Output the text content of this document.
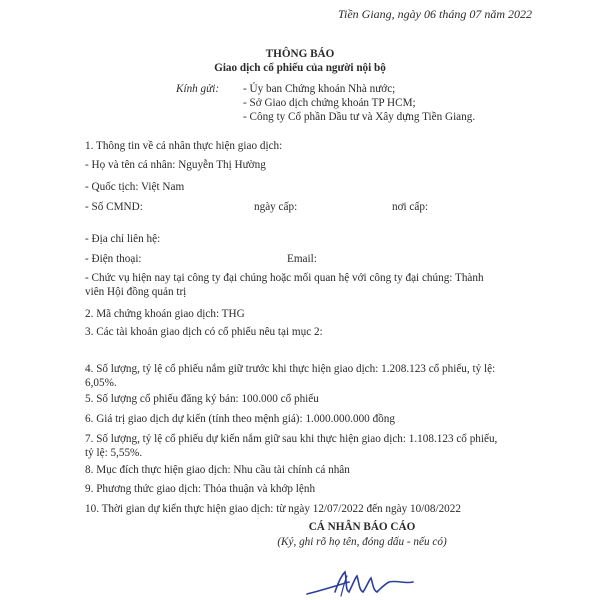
Tiền Giang, ngày 06 tháng 07 năm 2022
THÔNG BÁO
Giao dịch cổ phiếu của người nội bộ
Kính gửi: - Ủy ban Chứng khoán Nhà nước;
- Sở Giao dịch chứng khoán TP HCM;
- Công ty Cổ phần Dầu tư và Xây dựng Tiền Giang.
1. Thông tin về cá nhân thực hiện giao dịch:
- Họ và tên cá nhân: Nguyễn Thị Hường
- Quốc tịch: Việt Nam
- Số CMND:	ngày cấp:	nơi cấp:
- Địa chỉ liên hệ:
- Điện thoại:	Email:
- Chức vụ hiện nay tại công ty đại chúng hoặc mối quan hệ với công ty đại chúng: Thành
viên Hội đồng quản trị
2. Mã chứng khoán giao dịch: THG
3. Các tài khoản giao dịch có cổ phiếu nêu tại mục 2:
4. Số lượng, tỷ lệ cổ phiếu nắm giữ trước khi thực hiện giao dịch: 1.208.123 cổ phiếu, tỷ lệ:
6,05%.
5. Số lượng cổ phiếu đăng ký bán: 100.000 cổ phiếu
6. Giá trị giao dịch dự kiến (tính theo mệnh giá): 1.000.000.000 đồng
7. Số lượng, tỷ lệ cổ phiếu dự kiến nắm giữ sau khi thực hiện giao dịch: 1.108.123 cổ phiếu,
tỷ lệ: 5,55%.
8. Mục đích thực hiện giao dịch: Nhu cầu tài chính cá nhân
9. Phương thức giao dịch: Thỏa thuận và khớp lệnh
10. Thời gian dự kiến thực hiện giao dịch: từ ngày 12/07/2022 đến ngày 10/08/2022
CÁ NHÂN BÁO CÁO
(Ký, ghi rõ họ tên, đóng dấu - nếu có)
